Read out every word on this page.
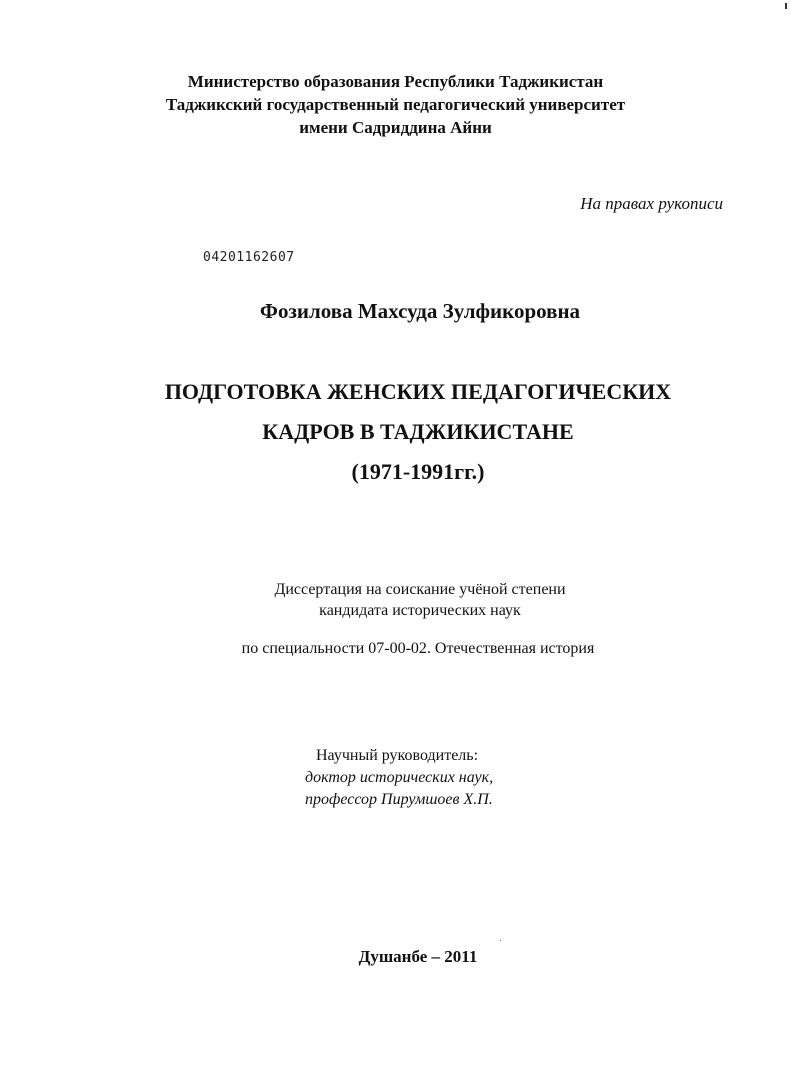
Министерство образования Республики Таджикистан
Таджикский государственный педагогический университет
имени Садриддина Айни
На правах рукописи
04201162607
Фозилова Махсуда Зулфикоровна
ПОДГОТОВКА ЖЕНСКИХ ПЕДАГОГИЧЕСКИХ
КАДРОВ В ТАДЖИКИСТАНЕ
(1971-1991гг.)
Диссертация на соискание учёной степени
кандидата исторических наук
по специальности 07-00-02. Отечественная история
Научный руководитель:
доктор исторических наук,
профессор Пирумшоев Х.П.
Душанбе – 2011
